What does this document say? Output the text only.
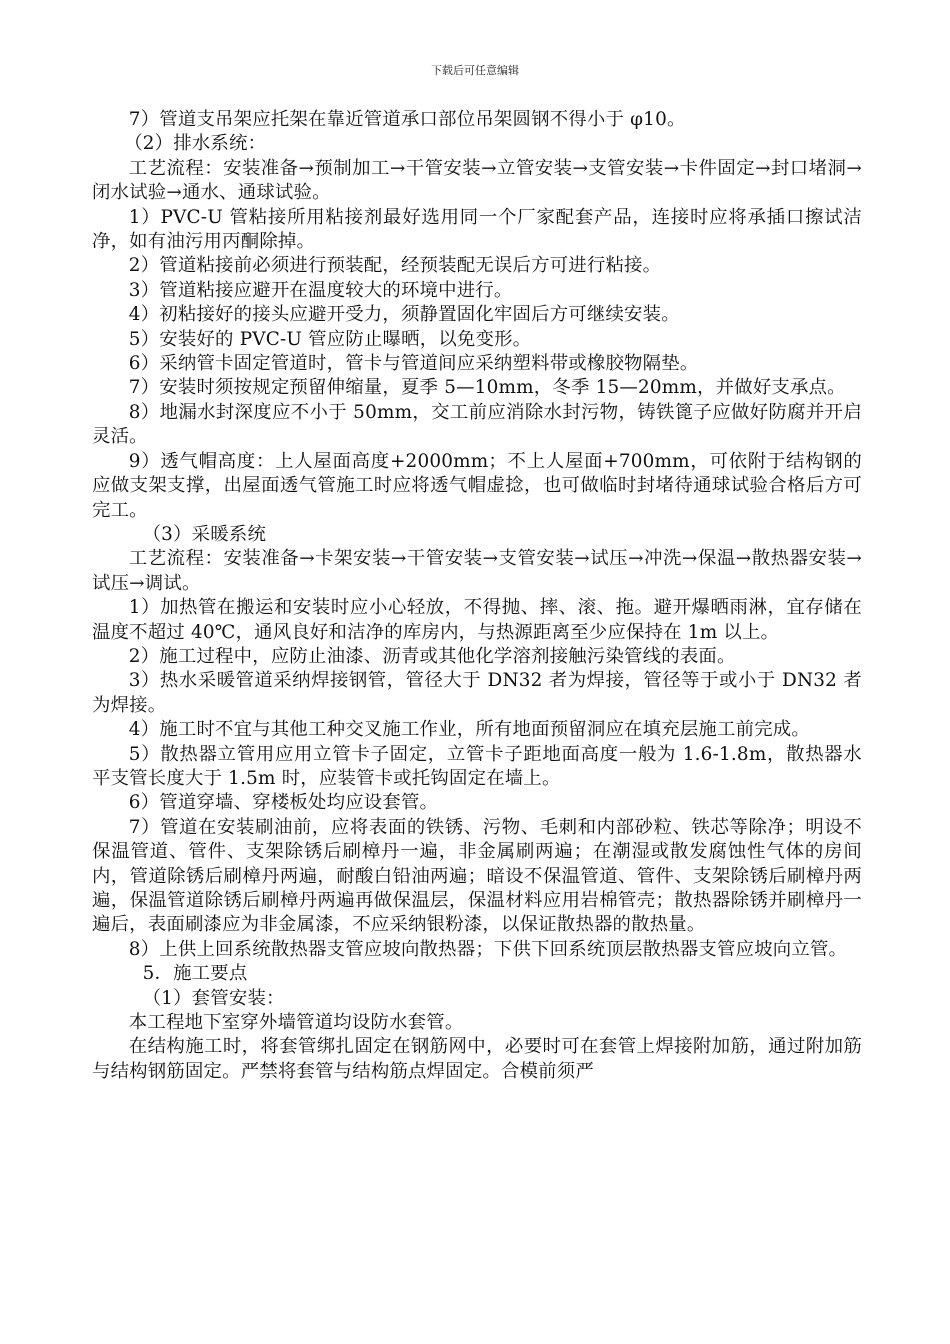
下载后可任意编辑

7）管道支吊架应托架在靠近管道承口部位吊架圆钢不得小于 φ10。

（2）排水系统：

工艺流程：安装准备→预制加工→干管安装→立管安装→支管安装→卡件固定→封口堵洞→闭水试验→通水、通球试验。

1）PVC-U 管粘接所用粘接剂最好选用同一个厂家配套产品，连接时应将承插口擦试洁净，如有油污用丙酮除掉。

2）管道粘接前必须进行预装配，经预装配无误后方可进行粘接。

3）管道粘接应避开在温度较大的环境中进行。

4）初粘接好的接头应避开受力，须静置固化牢固后方可继续安装。

5）安装好的 PVC-U 管应防止曝晒，以免变形。

6）采纳管卡固定管道时，管卡与管道间应采纳塑料带或橡胶物隔垫。

7）安装时须按规定预留伸缩量，夏季 5—10mm，冬季 15—20mm，并做好支承点。

8）地漏水封深度应不小于 50mm，交工前应消除水封污物，铸铁篦子应做好防腐并开启灵活。

9）透气帽高度：上人屋面高度+2000mm；不上人屋面+700mm，可依附于结构钢的应做支架支撑，出屋面透气管施工时应将透气帽虚捻，也可做临时封堵待通球试验合格后方可完工。

（3）采暖系统

工艺流程：安装准备→卡架安装→干管安装→支管安装→试压→冲洗→保温→散热器安装→试压→调试。

1）加热管在搬运和安装时应小心轻放，不得抛、摔、滚、拖。避开爆晒雨淋，宜存储在温度不超过 40℃，通风良好和洁净的库房内，与热源距离至少应保持在 1m 以上。

2）施工过程中，应防止油漆、沥青或其他化学溶剂接触污染管线的表面。

3）热水采暖管道采纳焊接钢管，管径大于 DN32 者为焊接，管径等于或小于 DN32 者为焊接。

4）施工时不宜与其他工种交叉施工作业，所有地面预留洞应在填充层施工前完成。

5）散热器立管用应用立管卡子固定，立管卡子距地面高度一般为 1.6-1.8m，散热器水平支管长度大于 1.5m 时，应装管卡或托钩固定在墙上。

6）管道穿墙、穿楼板处均应设套管。

7）管道在安装刷油前，应将表面的铁锈、污物、毛刺和内部砂粒、铁芯等除净；明设不保温管道、管件、支架除锈后刷樟丹一遍，非金属刷两遍；在潮湿或散发腐蚀性气体的房间内，管道除锈后刷樟丹两遍，耐酸白铅油两遍；暗设不保温管道、管件、支架除锈后刷樟丹两遍，保温管道除锈后刷樟丹两遍再做保温层，保温材料应用岩棉管壳；散热器除锈并刷樟丹一遍后，表面刷漆应为非金属漆，不应采纳银粉漆，以保证散热器的散热量。

8）上供上回系统散热器支管应坡向散热器；下供下回系统顶层散热器支管应坡向立管。

5．施工要点

（1）套管安装：

本工程地下室穿外墙管道均设防水套管。

在结构施工时，将套管绑扎固定在钢筋网中，必要时可在套管上焊接附加筋，通过附加筋与结构钢筋固定。严禁将套管与结构筋点焊固定。合模前须严
